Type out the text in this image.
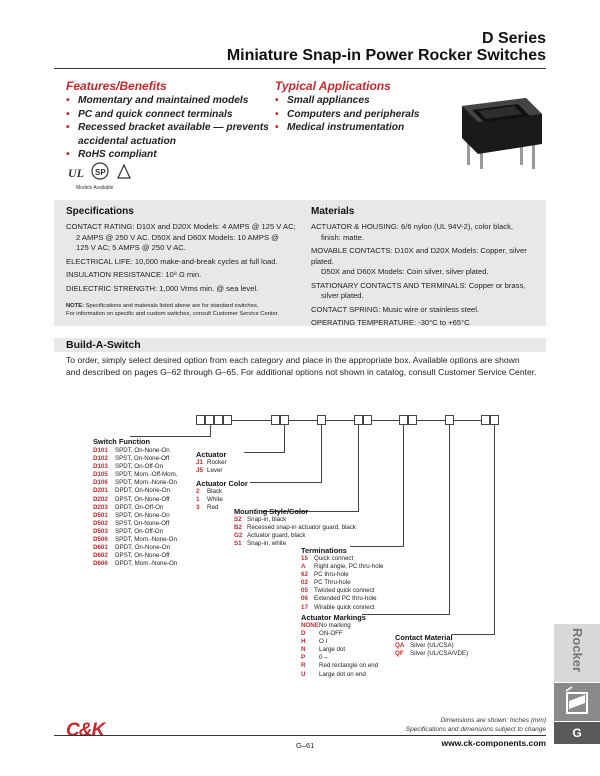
D Series
Miniature Snap-in Power Rocker Switches
Features/Benefits
• Momentary and maintained models
• PC and quick connect terminals
• Recessed bracket available — prevents
accidental actuation
• RoHS compliant
Typical Applications
• Small appliances
• Computers and peripherals
• Medical instrumentation
UL SP
Models Available
Specifications

CONTACT RATING: D10X and D20X Models: 4 AMPS @ 125 V AC;
2 AMPS @ 250 V AC. D50X and D60X Models: 10 AMPS @
125 V AC; 5 AMPS @ 250 V AC.

ELECTRICAL LIFE: 10,000 make-and-break cycles at full load.

INSULATION RESISTANCE: 10⁸ Ω min.

DIELECTRIC STRENGTH: 1,000 Vrms min. @ sea level.

NOTE: Specifications and materials listed above are for standard switches.
For information on specific and custom switches, consult Customer Service Center.
Materials

ACTUATOR & HOUSING: 6/6 nylon (UL 94V-2), color black,
finish: matte.

MOVABLE CONTACTS: D10X and D20X Models: Copper, silver plated.
D50X and D60X Models: Coin silver, silver plated.

STATIONARY CONTACTS AND TERMINALS: Copper or brass,
silver plated.

CONTACT SPRING: Music wire or stainless steel.

OPERATING TEMPERATURE: -30°C to +65°C

Build-A-Switch
To order, simply select desired option from each category and place in the appropriate box. Available options are shown
and described on pages G–62 through G–65. For additional options not shown in catalog, consult Customer Service Center.
Switch Function
D101 SPDT, On-None-On
D102 SPST, On-None-Off
D103 SPDT, On-Off-On
D105 SPDT, Mom.-Off-Mom.
D106 SPDT, Mom.-None-On
D201 DPDT, On-None-On
D202 DPST, On-None-Off
D203 DPDT, On-Off-On
D501 SPDT, On-None-On
D502 SPST, On-None-Off
D503 SPDT, On-Off-On
D506 SPDT, Mom.-None-On
D601 DPDT, On-None-On
D602 DPST, On-None-Off
D606 DPDT, Mom.-None-On
Actuator
J1 Rocker
J5 Lever
Actuator Color
2 Black
1 White
3 Red	Mounting Style/Color
S2 Snap-in, black
B2 Recessed snap-in actuator guard, black
G2 Actuator guard, black
S1 Snap-in, white
Terminations
15 Quick connect
A Right angle, PC thru-hole
62 PC thru-hole
02 PC Thru-hole
05 Twisted quick connect
06 Extended PC thru-hole
17 Wirable quick connect
Actuator Markings
NONENo marking
D ON-OFF
H O I
N Large dot
P 0 –
R Red rectangle on end
U Large dot on end
Contact Material
QA Silver (UL/CSA)
QF Silver (UL/CSA/VDE)	Rocker
G
C&K	Dimensions are shown: Inches (mm)
Specifications and dimensions subject to change
G–61	www.ck-components.com
